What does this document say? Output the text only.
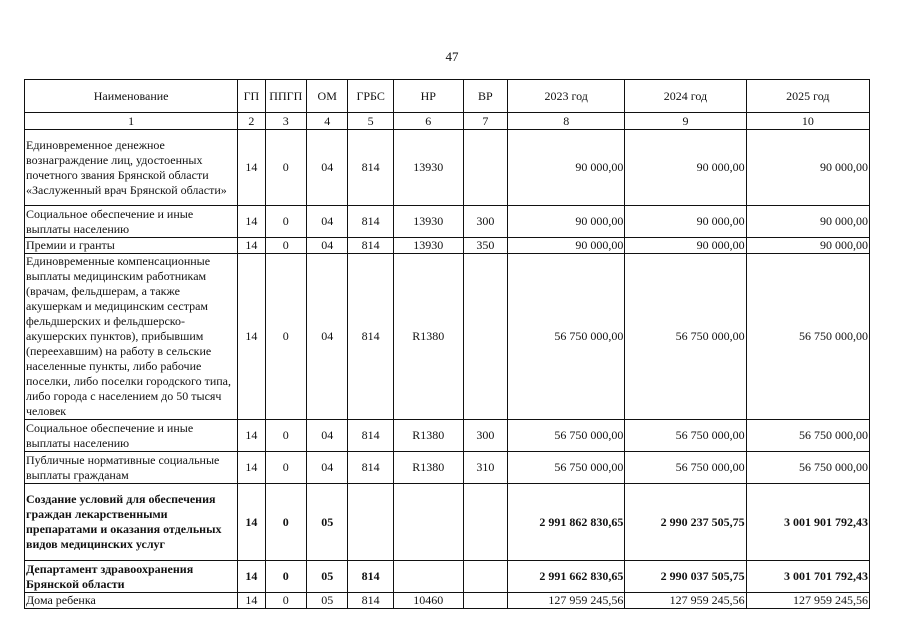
47
Наименование	ГП	ППГП	ОМ	ГРБС	НР	ВР	2023 год	2024 год	2025 год
1	2	3	4	5	6	7	8	9	10
Единовременное денежное вознаграждение лиц, удостоенных почетного звания Брянской области «Заслуженный врач Брянской области»	14	0	04	814	13930		90 000,00	90 000,00	90 000,00
Социальное обеспечение и иные выплаты населению	14	0	04	814	13930	300	90 000,00	90 000,00	90 000,00
Премии и гранты	14	0	04	814	13930	350	90 000,00	90 000,00	90 000,00
Единовременные компенсационные выплаты медицинским работникам (врачам, фельдшерам, а также акушеркам и медицинским сестрам фельдшерских и фельдшерско-акушерских пунктов), прибывшим (переехавшим) на работу в сельские населенные пункты, либо рабочие поселки, либо поселки городского типа, либо города с населением до 50 тысяч человек	14	0	04	814	R1380		56 750 000,00	56 750 000,00	56 750 000,00
Социальное обеспечение и иные выплаты населению	14	0	04	814	R1380	300	56 750 000,00	56 750 000,00	56 750 000,00
Публичные нормативные социальные выплаты гражданам	14	0	04	814	R1380	310	56 750 000,00	56 750 000,00	56 750 000,00
Создание условий для обеспечения граждан лекарственными препаратами и оказания отдельных видов медицинских услуг	14	0	05				2 991 862 830,65	2 990 237 505,75	3 001 901 792,43
Департамент здравоохранения Брянской области	14	0	05	814			2 991 662 830,65	2 990 037 505,75	3 001 701 792,43
Дома ребенка	14	0	05	814	10460		127 959 245,56	127 959 245,56	127 959 245,56
